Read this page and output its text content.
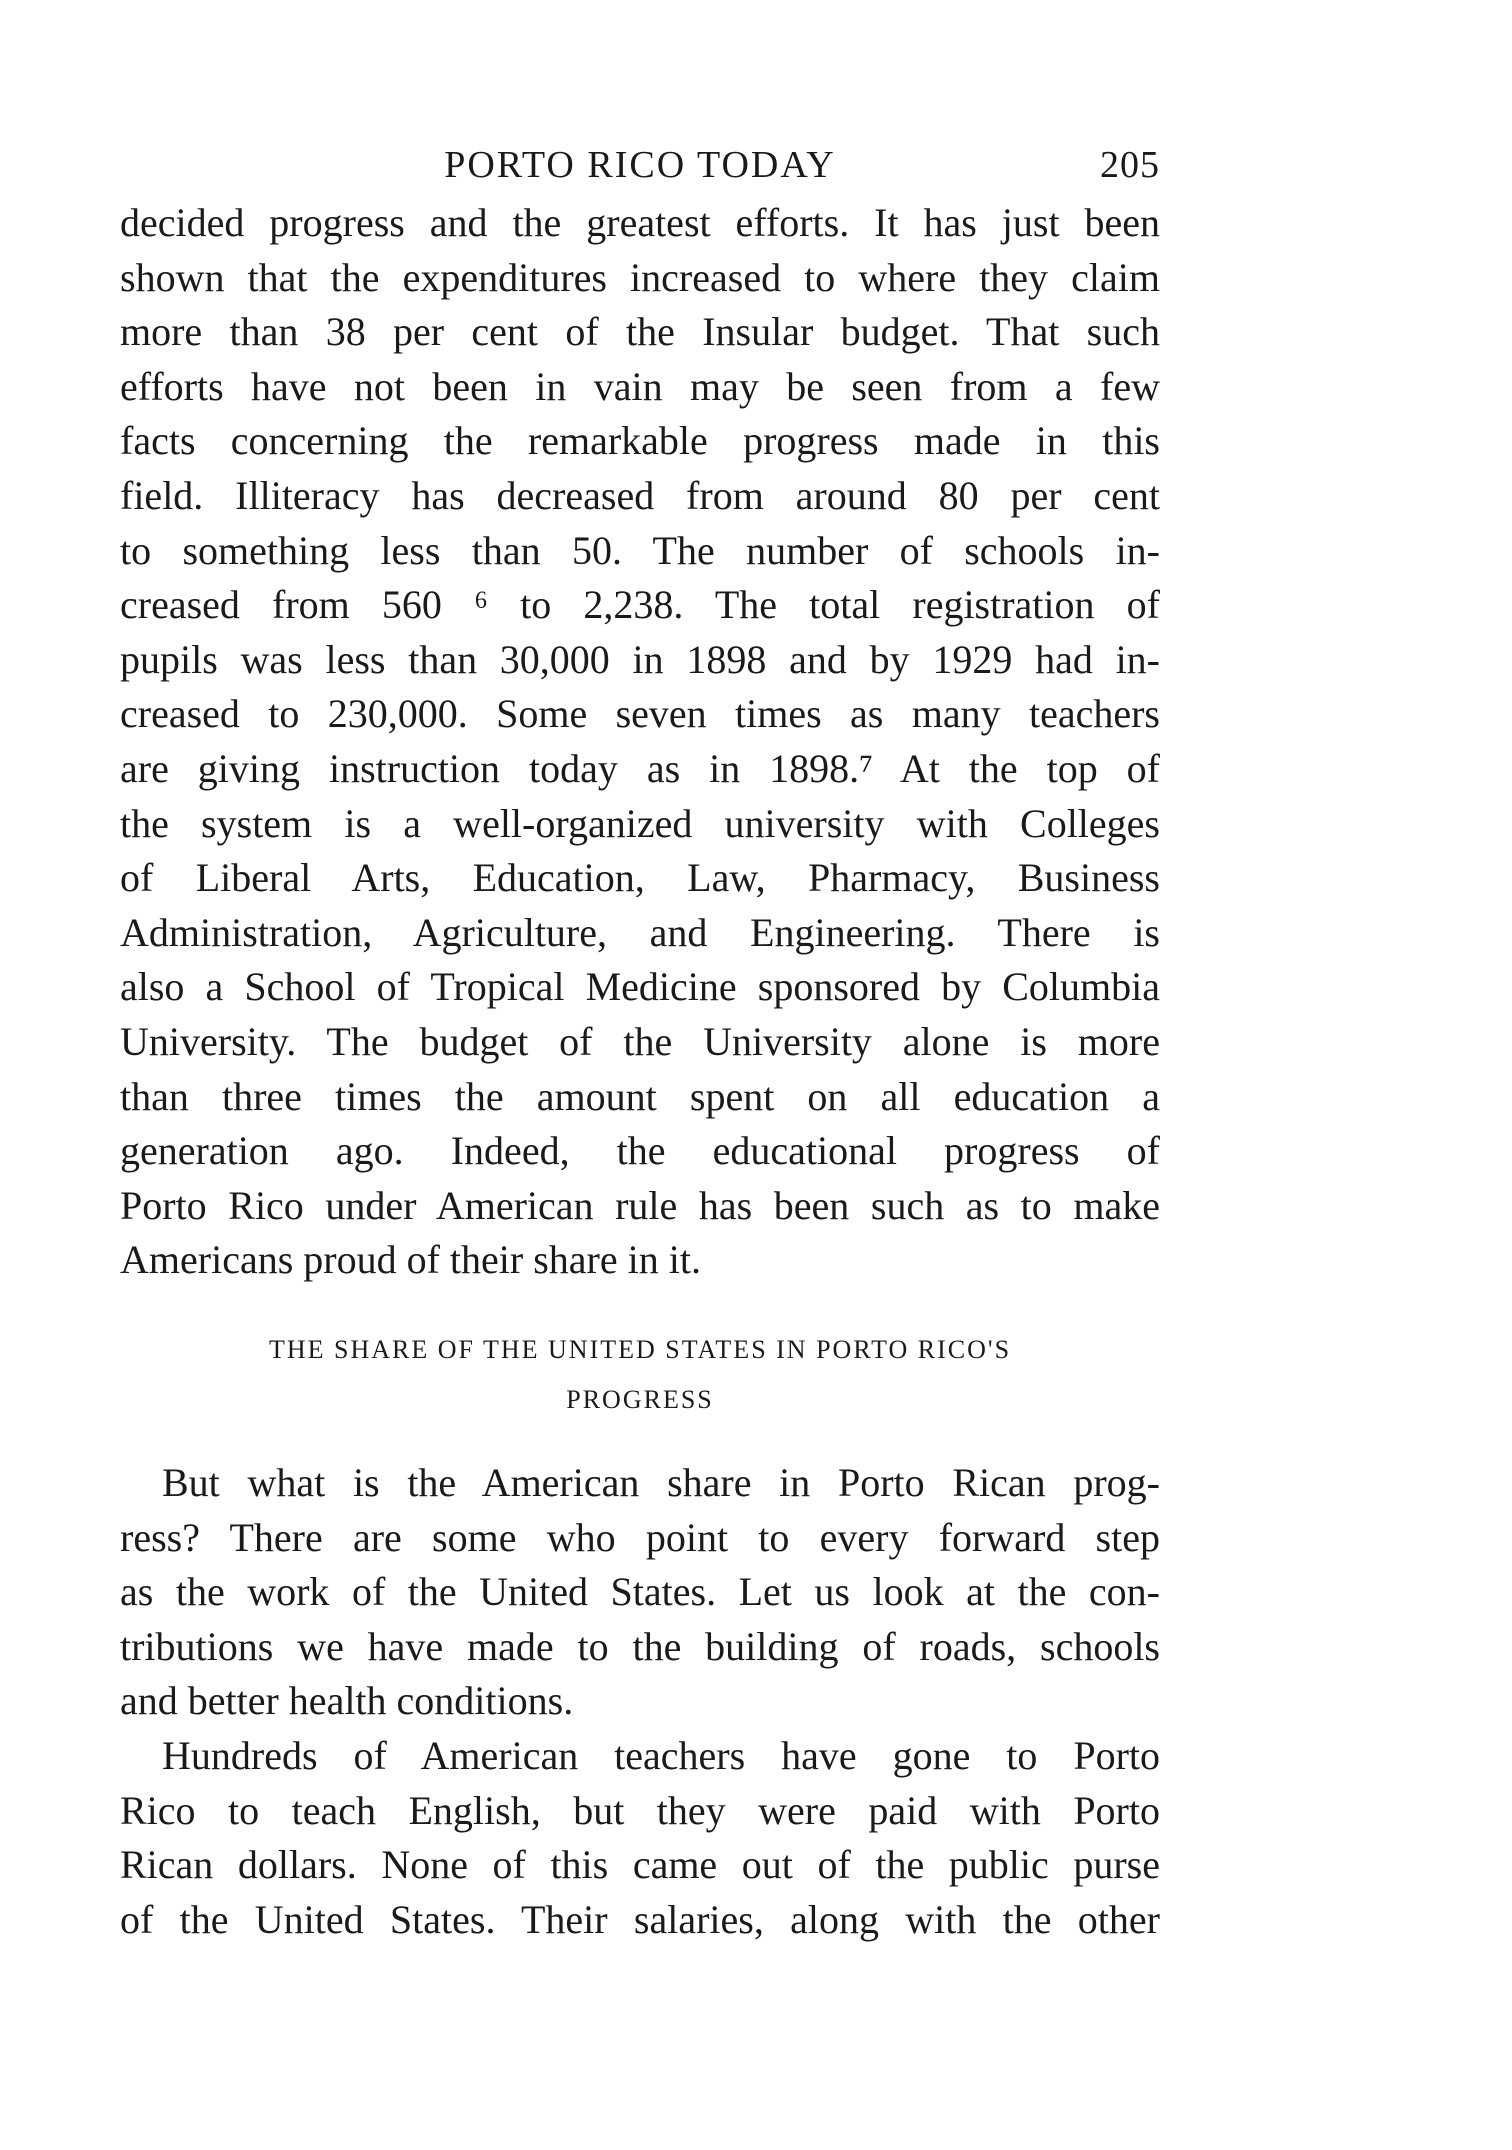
PORTO RICO TODAY	205
decided progress and the greatest efforts. It has just been
shown that the expenditures increased to where they claim
more than 38 per cent of the Insular budget. That such
efforts have not been in vain may be seen from a few
facts concerning the remarkable progress made in this
field. Illiteracy has decreased from around 80 per cent
to something less than 50. The number of schools in-
creased from 560 ⁶ to 2,238. The total registration of
pupils was less than 30,000 in 1898 and by 1929 had in-
creased to 230,000. Some seven times as many teachers
are giving instruction today as in 1898.⁷ At the top of
the system is a well-organized university with Colleges
of Liberal Arts, Education, Law, Pharmacy, Business
Administration, Agriculture, and Engineering. There is
also a School of Tropical Medicine sponsored by Columbia
University. The budget of the University alone is more
than three times the amount spent on all education a
generation ago. Indeed, the educational progress of
Porto Rico under American rule has been such as to make
Americans proud of their share in it.
THE SHARE OF THE UNITED STATES IN PORTO RICO'S
PROGRESS
But what is the American share in Porto Rican prog-
ress? There are some who point to every forward step
as the work of the United States. Let us look at the con-
tributions we have made to the building of roads, schools
and better health conditions.
Hundreds of American teachers have gone to Porto
Rico to teach English, but they were paid with Porto
Rican dollars. None of this came out of the public purse
of the United States. Their salaries, along with the other
